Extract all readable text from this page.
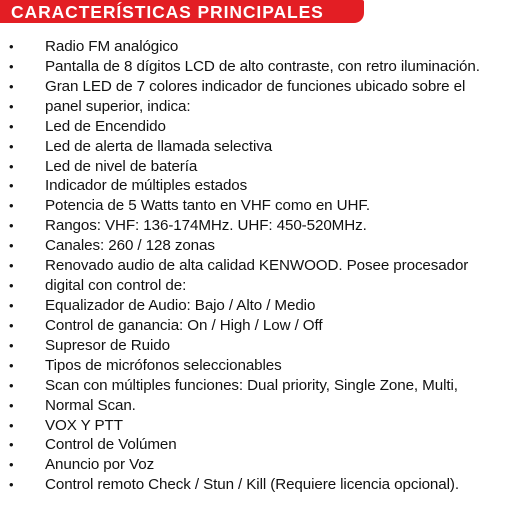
CARACTERÍSTICAS PRINCIPALES
• Radio FM analógico
• Pantalla de 8 dígitos LCD de alto contraste, con retro iluminación.
• Gran LED de 7 colores indicador de funciones ubicado sobre el
• panel superior, indica:
• Led de Encendido
• Led de alerta de llamada selectiva
• Led de nivel de batería
• Indicador de múltiples estados
• Potencia de 5 Watts tanto en VHF como en UHF.
• Rangos: VHF: 136-174MHz. UHF: 450-520MHz.
• Canales: 260 / 128 zonas
• Renovado audio de alta calidad KENWOOD. Posee procesador
• digital con control de:
• Equalizador de Audio: Bajo / Alto / Medio
• Control de ganancia: On / High / Low / Off
• Supresor de Ruido
• Tipos de micrófonos seleccionables
• Scan con múltiples funciones: Dual priority, Single Zone, Multi,
• Normal Scan.
• VOX Y PTT
• Control de Volúmen
• Anuncio por Voz
• Control remoto Check / Stun / Kill (Requiere licencia opcional).
